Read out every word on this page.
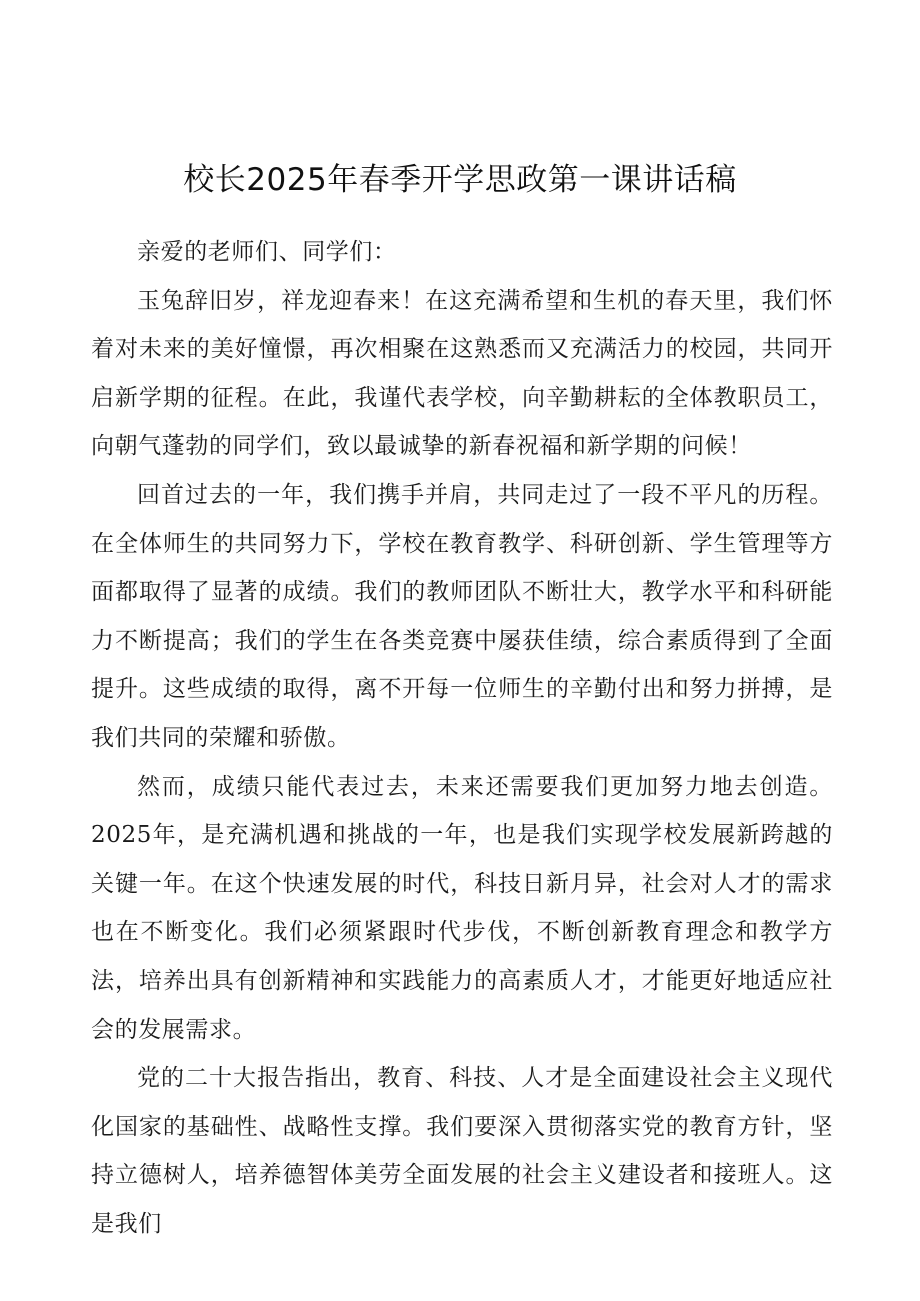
校长2025年春季开学思政第一课讲话稿

亲爱的老师们、同学们：

玉兔辞旧岁，祥龙迎春来！在这充满希望和生机的春天里，我们怀着对未来的美好憧憬，再次相聚在这熟悉而又充满活力的校园，共同开启新学期的征程。在此，我谨代表学校，向辛勤耕耘的全体教职员工，向朝气蓬勃的同学们，致以最诚挚的新春祝福和新学期的问候！

回首过去的一年，我们携手并肩，共同走过了一段不平凡的历程。在全体师生的共同努力下，学校在教育教学、科研创新、学生管理等方面都取得了显著的成绩。我们的教师团队不断壮大，教学水平和科研能力不断提高；我们的学生在各类竞赛中屡获佳绩，综合素质得到了全面提升。这些成绩的取得，离不开每一位师生的辛勤付出和努力拼搏，是我们共同的荣耀和骄傲。

然而，成绩只能代表过去，未来还需要我们更加努力地去创造。2025年，是充满机遇和挑战的一年，也是我们实现学校发展新跨越的关键一年。在这个快速发展的时代，科技日新月异，社会对人才的需求也在不断变化。我们必须紧跟时代步伐，不断创新教育理念和教学方法，培养出具有创新精神和实践能力的高素质人才，才能更好地适应社会的发展需求。

党的二十大报告指出，教育、科技、人才是全面建设社会主义现代化国家的基础性、战略性支撑。我们要深入贯彻落实党的教育方针，坚持立德树人，培养德智体美劳全面发展的社会主义建设者和接班人。这是我们
